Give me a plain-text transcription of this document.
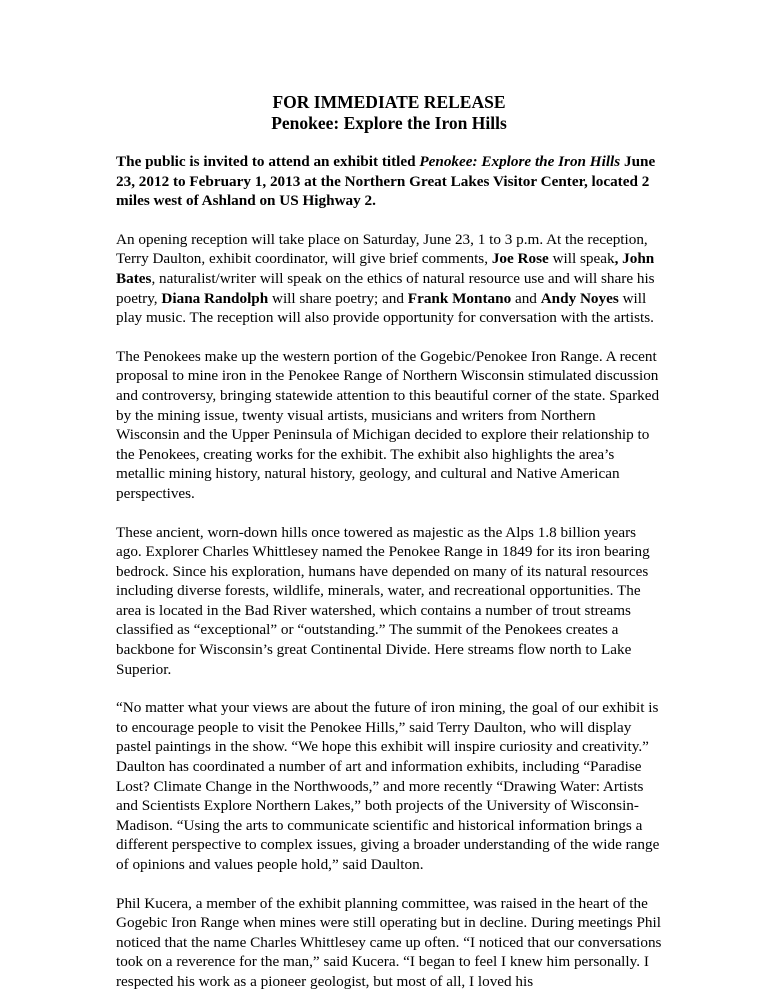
FOR IMMEDIATE RELEASE
Penokee: Explore the Iron Hills
The public is invited to attend an exhibit titled Penokee: Explore the Iron Hills June 23, 2012 to February 1, 2013 at the Northern Great Lakes Visitor Center, located 2 miles west of Ashland on US Highway 2.

An opening reception will take place on Saturday, June 23, 1 to 3 p.m. At the reception, Terry Daulton, exhibit coordinator, will give brief comments, Joe Rose will speak, John Bates, naturalist/writer will speak on the ethics of natural resource use and will share his poetry, Diana Randolph will share poetry; and Frank Montano and Andy Noyes will play music. The reception will also provide opportunity for conversation with the artists.

The Penokees make up the western portion of the Gogebic/Penokee Iron Range. A recent proposal to mine iron in the Penokee Range of Northern Wisconsin stimulated discussion and controversy, bringing statewide attention to this beautiful corner of the state. Sparked by the mining issue, twenty visual artists, musicians and writers from Northern Wisconsin and the Upper Peninsula of Michigan decided to explore their relationship to the Penokees, creating works for the exhibit. The exhibit also highlights the area’s metallic mining history, natural history, geology, and cultural and Native American perspectives.

These ancient, worn-down hills once towered as majestic as the Alps 1.8 billion years ago. Explorer Charles Whittlesey named the Penokee Range in 1849 for its iron bearing bedrock. Since his exploration, humans have depended on many of its natural resources including diverse forests, wildlife, minerals, water, and recreational opportunities. The area is located in the Bad River watershed, which contains a number of trout streams classified as “exceptional” or “outstanding.” The summit of the Penokees creates a backbone for Wisconsin’s great Continental Divide. Here streams flow north to Lake Superior.

“No matter what your views are about the future of iron mining, the goal of our exhibit is to encourage people to visit the Penokee Hills,” said Terry Daulton, who will display pastel paintings in the show. “We hope this exhibit will inspire curiosity and creativity.” Daulton has coordinated a number of art and information exhibits, including “Paradise Lost? Climate Change in the Northwoods,” and more recently “Drawing Water: Artists and Scientists Explore Northern Lakes,” both projects of the University of Wisconsin-Madison. “Using the arts to communicate scientific and historical information brings a different perspective to complex issues, giving a broader understanding of the wide range of opinions and values people hold,” said Daulton.

Phil Kucera, a member of the exhibit planning committee, was raised in the heart of the Gogebic Iron Range when mines were still operating but in decline. During meetings Phil noticed that the name Charles Whittlesey came up often. “I noticed that our conversations took on a reverence for the man,” said Kucera. “I began to feel I knew him personally. I respected his work as a pioneer geologist, but most of all, I loved his
